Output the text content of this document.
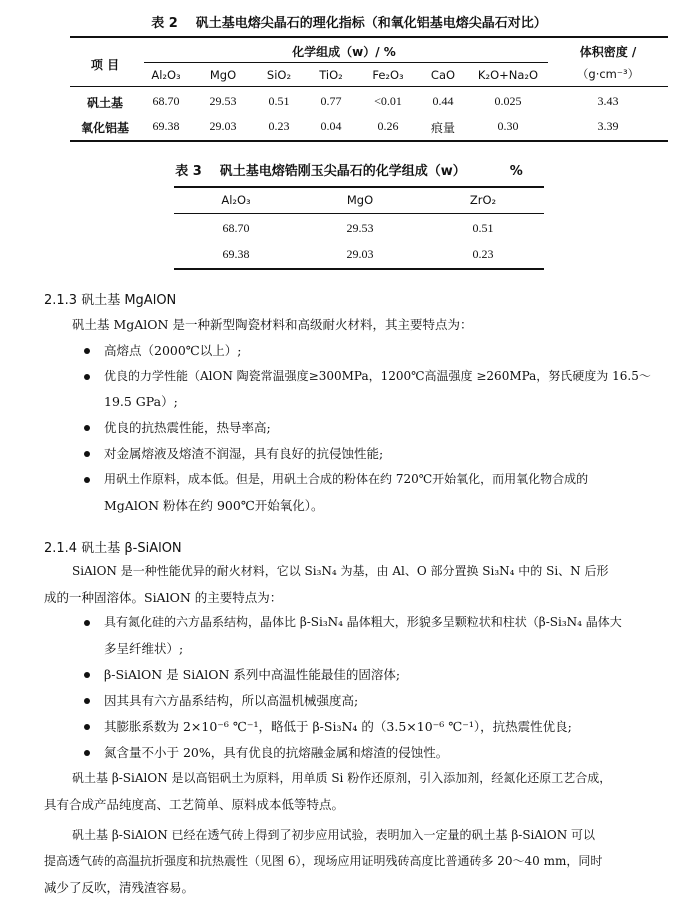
表 2 矾土基电熔尖晶石的理化指标（和氧化铝基电熔尖晶石对比）
项 目
化学组成（w）/ %	体积密度 /
（g·cm⁻³）
Al₂O₃	MgO	SiO₂	TiO₂	Fe₂O₃	CaO	K₂O+Na₂O
矾土基	68.70	29.53	0.51	0.77	<0.01	0.44	0.025	3.43
氧化铝基	69.38	29.03	0.23	0.04	0.26	痕量	0.30	3.39
表 3 矾土基电熔锆刚玉尖晶石的化学组成（w）	%
Al₂O₃	MgO	ZrO₂
68.70	29.53	0.51
69.38	29.03	0.23
2.1.3 矾土基 MgAlON
矾土基 MgAlON 是一种新型陶瓷材料和高级耐火材料，其主要特点为：
高熔点（2000℃以上）;
优良的力学性能（AlON 陶瓷常温强度≥300MPa，1200℃高温强度 ≥260MPa，努氏硬度为 16.5～
19.5 GPa）;
优良的抗热震性能，热导率高;
对金属熔液及熔渣不润湿，具有良好的抗侵蚀性能;
用矾土作原料，成本低。但是，用矾土合成的粉体在约 720℃开始氧化，而用氧化物合成的
MgAlON 粉体在约 900℃开始氧化）。
2.1.4 矾土基 β-SiAlON
SiAlON 是一种性能优异的耐火材料，它以 Si₃N₄ 为基，由 Al、O 部分置换 Si₃N₄ 中的 Si、N 后形
成的一种固溶体。SiAlON 的主要特点为：
具有氮化硅的六方晶系结构，晶体比 β-Si₃N₄ 晶体粗大，形貌多呈颗粒状和柱状（β-Si₃N₄ 晶体大
多呈纤维状）;
β-SiAlON 是 SiAlON 系列中高温性能最佳的固溶体;
因其具有六方晶系结构，所以高温机械强度高;
其膨胀系数为 2×10⁻⁶ ℃⁻¹，略低于 β-Si₃N₄ 的（3.5×10⁻⁶ ℃⁻¹），抗热震性优良;
氮含量不小于 20%，具有优良的抗熔融金属和熔渣的侵蚀性。
矾土基 β-SiAlON 是以高铝矾土为原料，用单质 Si 粉作还原剂，引入添加剂，经氮化还原工艺合成，
具有合成产品纯度高、工艺简单、原料成本低等特点。
矾土基 β-SiAlON 已经在透气砖上得到了初步应用试验，表明加入一定量的矾土基 β-SiAlON 可以
提高透气砖的高温抗折强度和抗热震性（见图 6），现场应用证明残砖高度比普通砖多 20～40 mm，同时
减少了反吹，清残渣容易。
